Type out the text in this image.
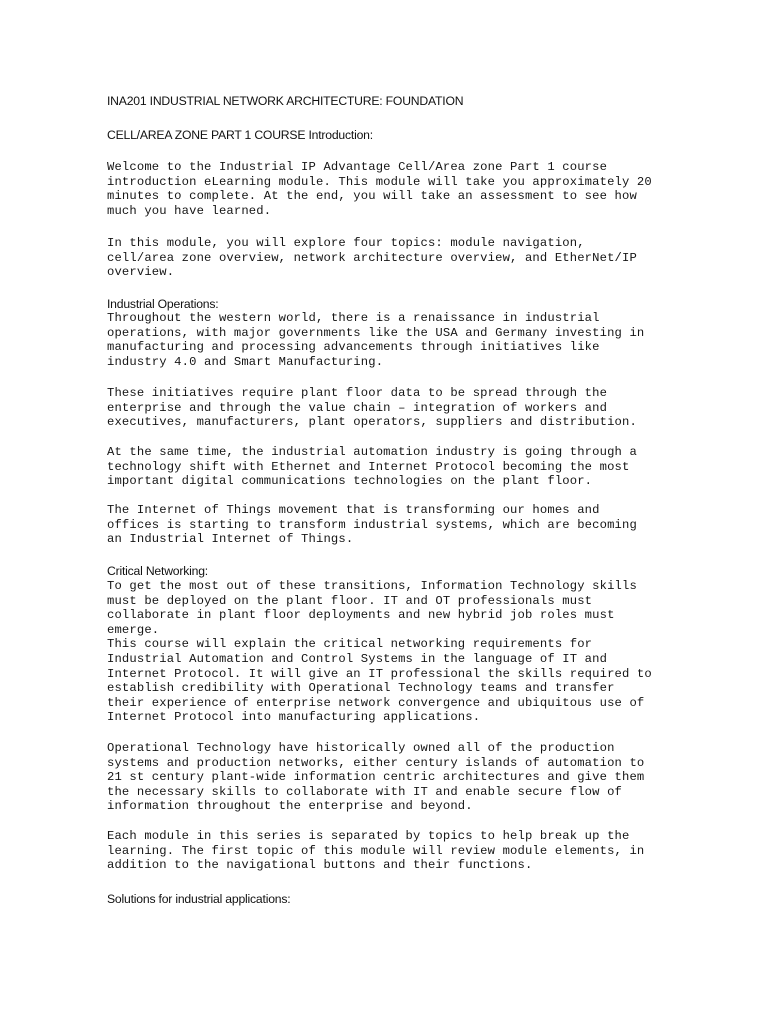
INA201 INDUSTRIAL NETWORK ARCHITECTURE: FOUNDATION
CELL/AREA ZONE PART 1 COURSE Introduction:

Welcome to the Industrial IP Advantage Cell/Area zone Part 1 course
introduction eLearning module. This module will take you approximately 20
minutes to complete. At the end, you will take an assessment to see how
much you have learned.

In this module, you will explore four topics: module navigation,
cell/area zone overview, network architecture overview, and EtherNet/IP
overview.

Industrial Operations:

Throughout the western world, there is a renaissance in industrial
operations, with major governments like the USA and Germany investing in
manufacturing and processing advancements through initiatives like
industry 4.0 and Smart Manufacturing.

These initiatives require plant floor data to be spread through the
enterprise and through the value chain – integration of workers and
executives, manufacturers, plant operators, suppliers and distribution.

At the same time, the industrial automation industry is going through a
technology shift with Ethernet and Internet Protocol becoming the most
important digital communications technologies on the plant floor.

The Internet of Things movement that is transforming our homes and
offices is starting to transform industrial systems, which are becoming
an Industrial Internet of Things.

Critical Networking:

To get the most out of these transitions, Information Technology skills
must be deployed on the plant floor. IT and OT professionals must
collaborate in plant floor deployments and new hybrid job roles must
emerge.
This course will explain the critical networking requirements for
Industrial Automation and Control Systems in the language of IT and
Internet Protocol. It will give an IT professional the skills required to
establish credibility with Operational Technology teams and transfer
their experience of enterprise network convergence and ubiquitous use of
Internet Protocol into manufacturing applications.

Operational Technology have historically owned all of the production
systems and production networks, either century islands of automation to
21 st century plant-wide information centric architectures and give them
the necessary skills to collaborate with IT and enable secure flow of
information throughout the enterprise and beyond.

Each module in this series is separated by topics to help break up the
learning. The first topic of this module will review module elements, in
addition to the navigational buttons and their functions.

Solutions for industrial applications:
